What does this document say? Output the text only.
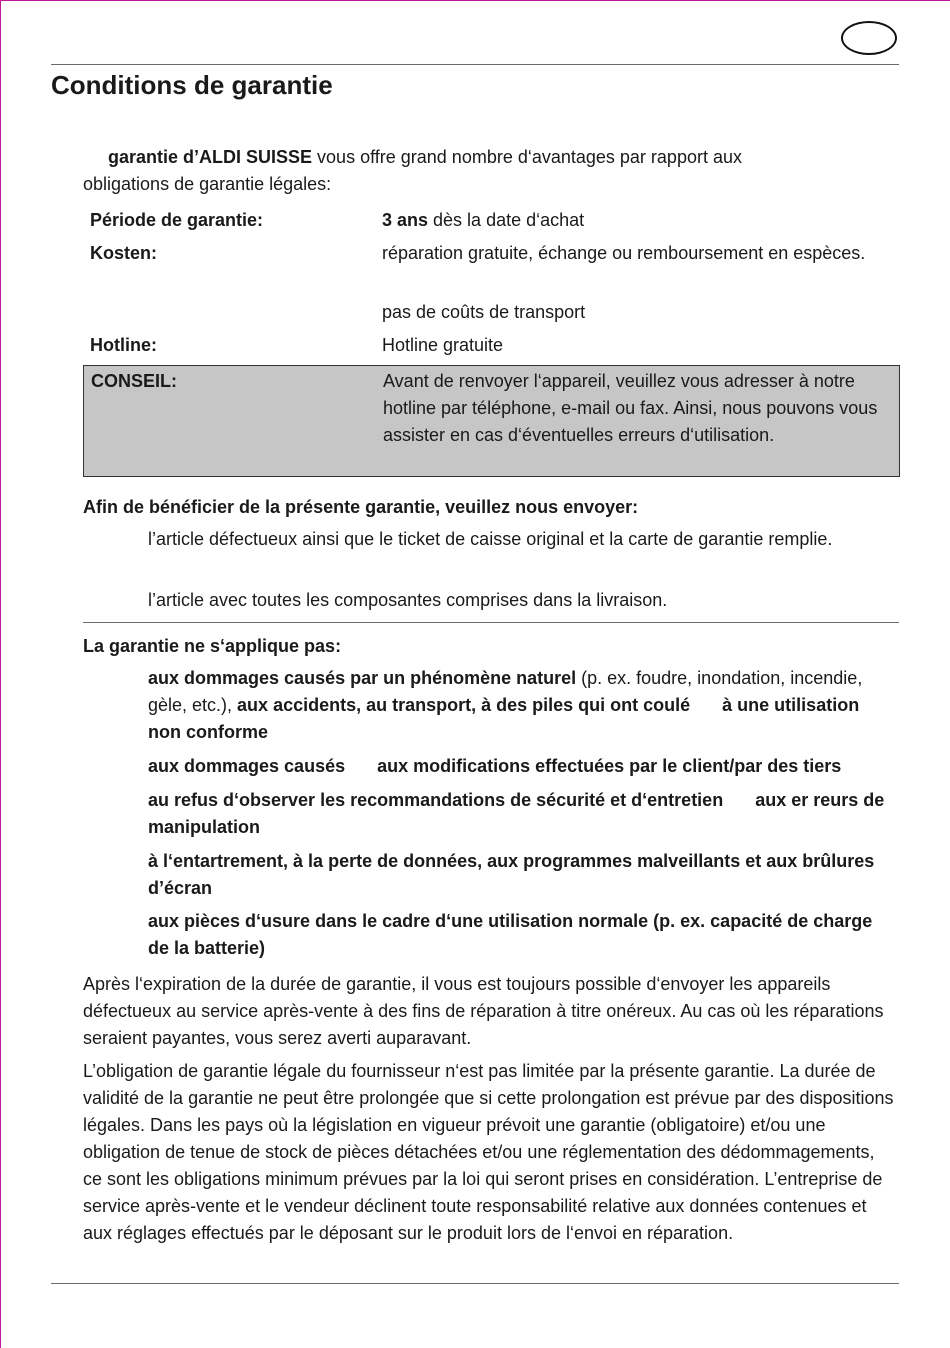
Conditions de garantie
garantie d’ALDI SUISSE vous offre grand nombre d‘avantages par rapport aux
obligations de garantie légales:
Période de garantie:	3 ans dès la date d‘achat
Kosten:	réparation gratuite, échange ou remboursement en espèces.
pas de coûts de transport
Hotline:	Hotline gratuite
CONSEIL:	Avant de renvoyer l‘appareil, veuillez vous adresser à notre hotline par téléphone, e-mail ou fax. Ainsi, nous pouvons vous assister en cas d‘éventuelles erreurs d‘utilisation.
Afin de bénéficier de la présente garantie, veuillez nous envoyer:
l’article défectueux ainsi que le ticket de caisse original et la carte de garantie remplie.
l’article avec toutes les composantes comprises dans la livraison.
La garantie ne s‘applique pas:
aux dommages causés par un phénomène naturel (p. ex. foudre, inondation, incendie, gèle, etc.), aux accidents, au transport, à des piles qui ont coulé à une utilisation non conforme
aux dommages causés aux modifications effectuées par le client/par des tiers
au refus d‘observer les recommandations de sécurité et d‘entretien aux er reurs de manipulation
à l‘entartrement, à la perte de données, aux programmes malveillants et aux brûlures d’écran
aux pièces d‘usure dans le cadre d‘une utilisation normale (p. ex. capacité de charge de la batterie)
Après l‘expiration de la durée de garantie, il vous est toujours possible d‘envoyer les appareils défectueux au service après-vente à des fins de réparation à titre onéreux. Au cas où les réparations seraient payantes, vous serez averti auparavant.
L’obligation de garantie légale du fournisseur n‘est pas limitée par la présente garantie. La durée de validité de la garantie ne peut être prolongée que si cette prolongation est prévue par des dispositions légales. Dans les pays où la législation en vigueur prévoit une garantie (obligatoire) et/ou une obligation de tenue de stock de pièces détachées et/ou une réglementation des dédommagements, ce sont les obligations minimum prévues par la loi qui seront prises en considération. L’entreprise de service après-vente et le vendeur déclinent toute responsabilité relative aux données contenues et aux réglages effectués par le déposant sur le produit lors de l‘envoi en réparation.
